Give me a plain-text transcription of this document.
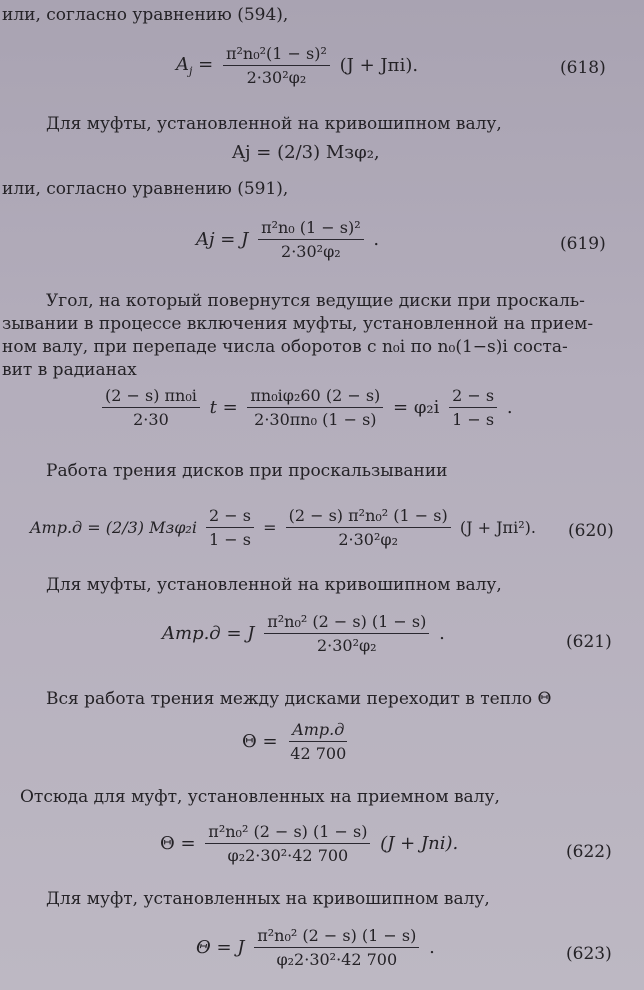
или, согласно уравнению (594),
$A_j = \frac{\text{π²n₀²(1 − s)²}}{\text{2·30²φ₂}} (J + Jпi)$.	(618)
Для муфты, установленной на кривошипном валу,
Aj = (2/3) Mзφ₂,
или, согласно уравнению (591),
Aj = J $\frac{\text{π²n₀ (1 − s)²}}{\text{2·30²φ₂}}$ .	(619)
Угол, на который повернутся ведущие диски при проскаль-
зывании в процессе включения муфты, установленной на прием-
ном валу, при перепаде числа оборотов с n₀i по n₀(1−s)i соста-
вит в радианах
$\frac{\text{(2 − s) πn₀i}}{2\cdot 30}$ $t = \frac{\text{πn₀iφ₂60 (2 − s)}}{\text{2·30πn₀ (1 − s)}} = \varphi_2i \frac{2 - s}{1 - s}$ .
Работа трения дисков при проскальзывании
Aтр.д = (2/3) $Mз\varphi_2i \frac{2 - s}{1 - s} = \frac{\text{(2 − s) π²n₀² (1 − s)}}{\text{2·30²φ₂}} (J + Jпi^2)$. (620)
Для муфты, установленной на кривошипном валу,
Aтр.д = J $\frac{\text{π²n₀² (2 − s) (1 − s)}}{\text{2·30²φ₂}}$ .	(621)
Вся работа трения между дисками переходит в тепло Θ
$\Theta = \frac{\text{Aтр.д}}{42 700}$
Отсюда для муфт, установленных на приемном валу,
$\Theta = \frac{\text{π²n₀² (2 − s) (1 − s)}}{\text{φ₂2·30²·42 700}} (J + Jпi)$.	(622)
Для муфт, установленных на кривошипном валу,
Θ = J $\frac{\text{π²n₀² (2 − s) (1 − s)}}{\text{φ₂2·30²·42 700}}$ .	(623)
